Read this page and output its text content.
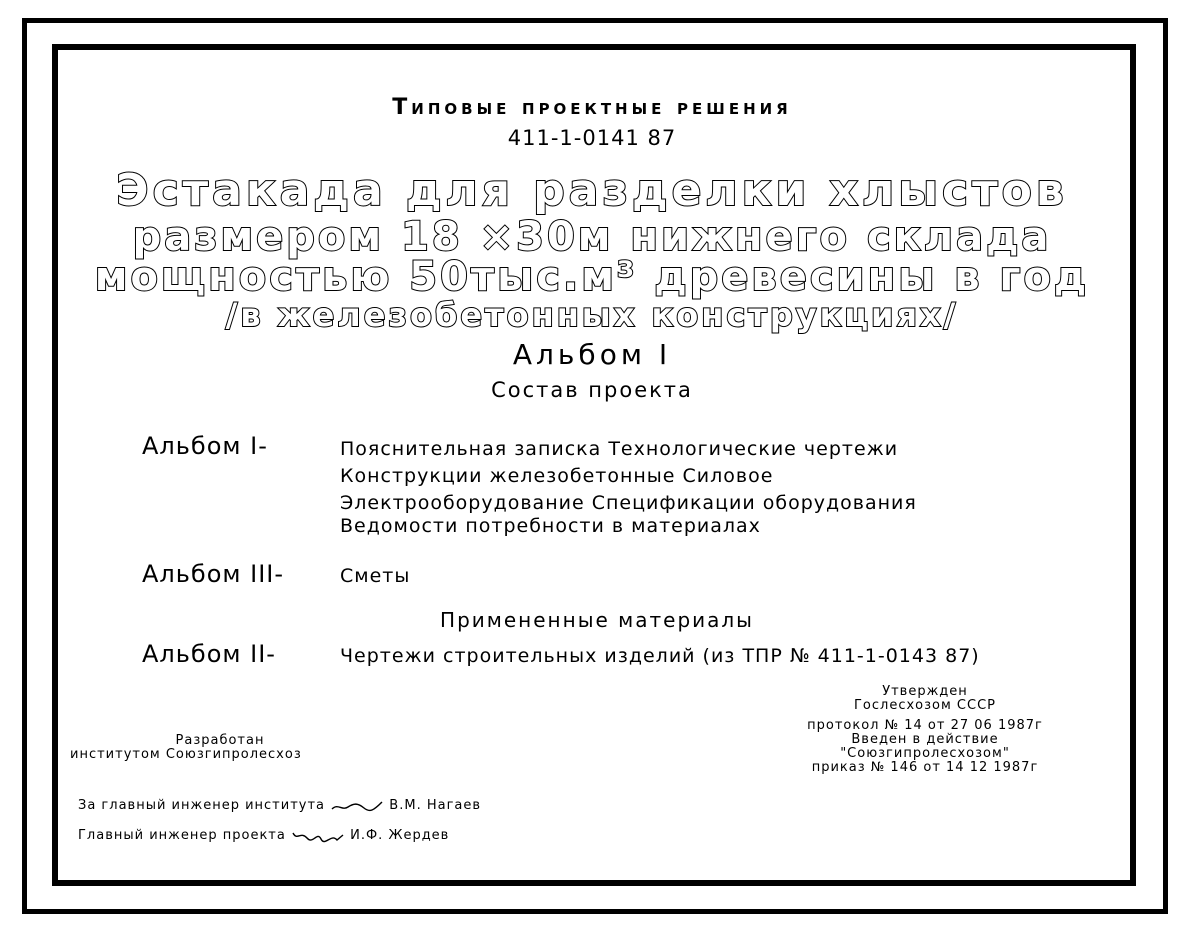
Типовые проектные решения
411-1-0141 87
Эстакада для разделки хлыстов
размером 18 ×30м нижнего склада
мощностью 50тыс.м³ древесины в год
/в железобетонных конструкциях/
Альбом I
Состав проекта
Альбом I-	Пояснительная записка Технологические чертежи
Конструкции железобетонные Силовое
Электрооборудование Спецификации оборудования
Ведомости потребности в материалах
Альбом III-	Сметы
Примененные материалы
Альбом II-	Чертежи строительных изделий (из ТПР № 411-1-0143 87)
Разработан
институтом Союзгипролесхоз
Утвержден
Гослесхозом СССР
протокол № 14 от 27 06 1987г
Введен в действие
"Союзгипролесхозом"
приказ № 146 от 14 12 1987г
За главный инженер института	В.М. Нагаев
Главный инженер проекта	И.Ф. Жердев
